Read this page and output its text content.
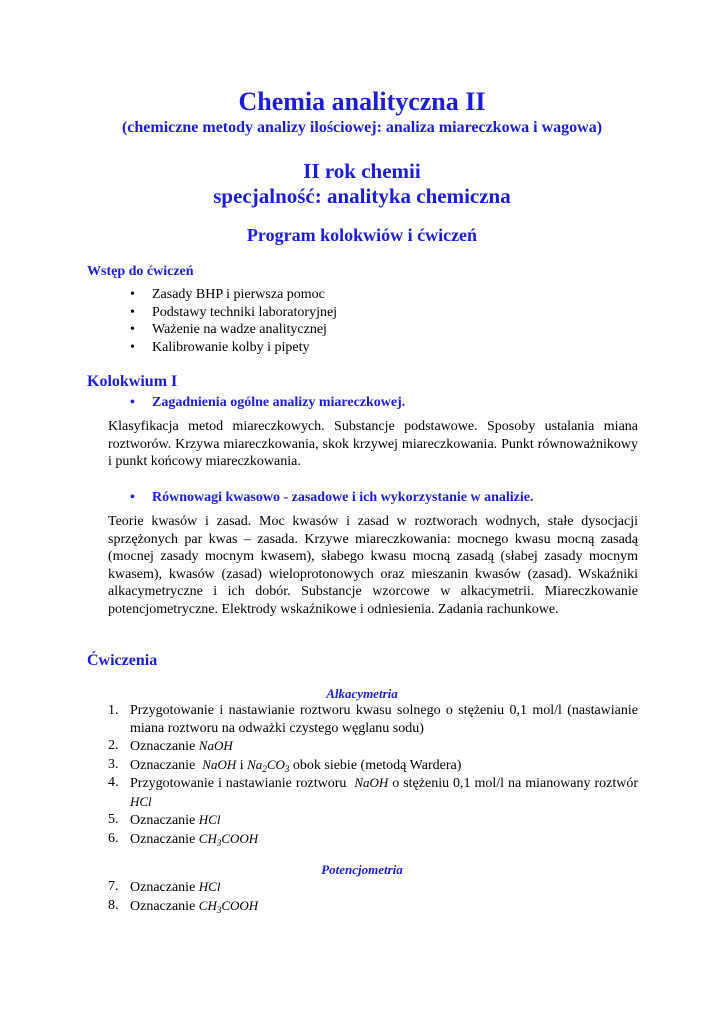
Chemia analityczna II
(chemiczne metody analizy ilościowej: analiza miareczkowa i wagowa)
II rok chemii
specjalność: analityka chemiczna
Program kolokwiów i ćwiczeń
Wstęp do ćwiczeń
• Zasady BHP i pierwsza pomoc
• Podstawy techniki laboratoryjnej
• Ważenie na wadze analitycznej
• Kalibrowanie kolby i pipety
Kolokwium I
• Zagadnienia ogólne analizy miareczkowej.

Klasyfikacja metod miareczkowych. Substancje podstawowe. Sposoby ustalania miana roztworów. Krzywa miareczkowania, skok krzywej miareczkowania. Punkt równoważnikowy i punkt końcowy miareczkowania.

• Równowagi kwasowo - zasadowe i ich wykorzystanie w analizie.

Teorie kwasów i zasad. Moc kwasów i zasad w roztworach wodnych, stałe dysocjacji sprzężonych par kwas – zasada. Krzywe miareczkowania: mocnego kwasu mocną zasadą (mocnej zasady mocnym kwasem), słabego kwasu mocną zasadą (słabej zasady mocnym kwasem), kwasów (zasad) wieloprotonowych oraz mieszanin kwasów (zasad). Wskaźniki alkacymetryczne i ich dobór. Substancje wzorcowe w alkacymetrii. Miareczkowanie potencjometryczne. Elektrody wskaźnikowe i odniesienia. Zadania rachunkowe.

Ćwiczenia
Alkacymetria
1. Przygotowanie i nastawianie roztworu kwasu solnego o stężeniu 0,1 mol/l (nastawianie miana roztworu na odważki czystego węglanu sodu)
2. Oznaczanie NaOH
3. Oznaczanie NaOH i $Na_2CO_3$ obok siebie (metodą Wardera)
4. Przygotowanie i nastawianie roztworu NaOH o stężeniu 0,1 mol/l na mianowany roztwór HCl
5. Oznaczanie HCl
6. Oznaczanie $CH_3COOH$
Potencjometria
7. Oznaczanie HCl
8. Oznaczanie $CH_3COOH$
